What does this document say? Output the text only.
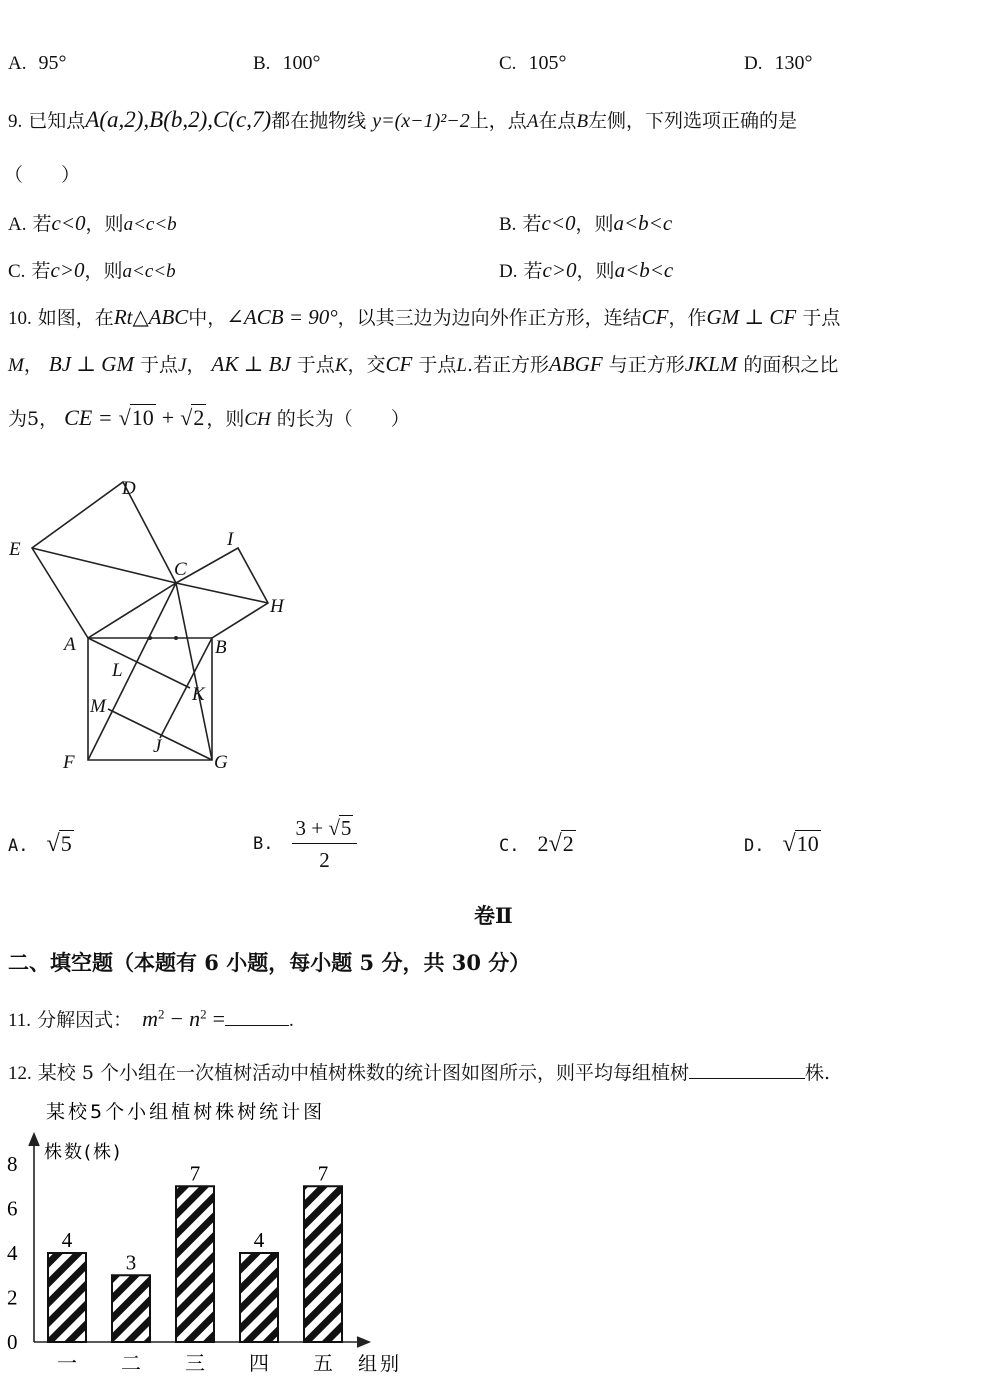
A. 95°	B. 100°	C. 105°	D. 130°
9. 已知点A(a,2),B(b,2),C(c,7)都在抛物线 y=(x−1)²−2上，点A在点B左侧，下列选项正确的是
（　　）
A. 若c<0，则a<c<b	B. 若c<0，则a<b<c
C. 若c>0，则a<c<b	D. 若c>0，则a<b<c
10. 如图，在Rt△ABC中，∠ACB = 90°，以其三边为边向外作正方形，连结CF，作GM ⊥ CF 于点
M， BJ ⊥ GM 于点J， AK ⊥ BJ 于点K，交CF 于点L.若正方形ABGF 与正方形JKLM 的面积之比
为5， CE = √10 + √2 ，则CH 的长为（　　）
D
E	I
C
H
A	B
L
K
M
J
F	G
A. √5	B. $\frac{3 + √5}{2}$	C. 2√2	D. √10
卷Ⅱ
二、填空题（本题有 6 小题，每小题 5 分，共 30 分）
11. 分解因式： $m^2 - n^2$ =	.
12. 某校 5 个小组在一次植树活动中植树株数的统计图如图所示，则平均每组植树	株.
某校5个小组植树株树统计图
株数(株)
组别
0
2
4
6
8
4
一
3
二
7
三
4
四
7
五
